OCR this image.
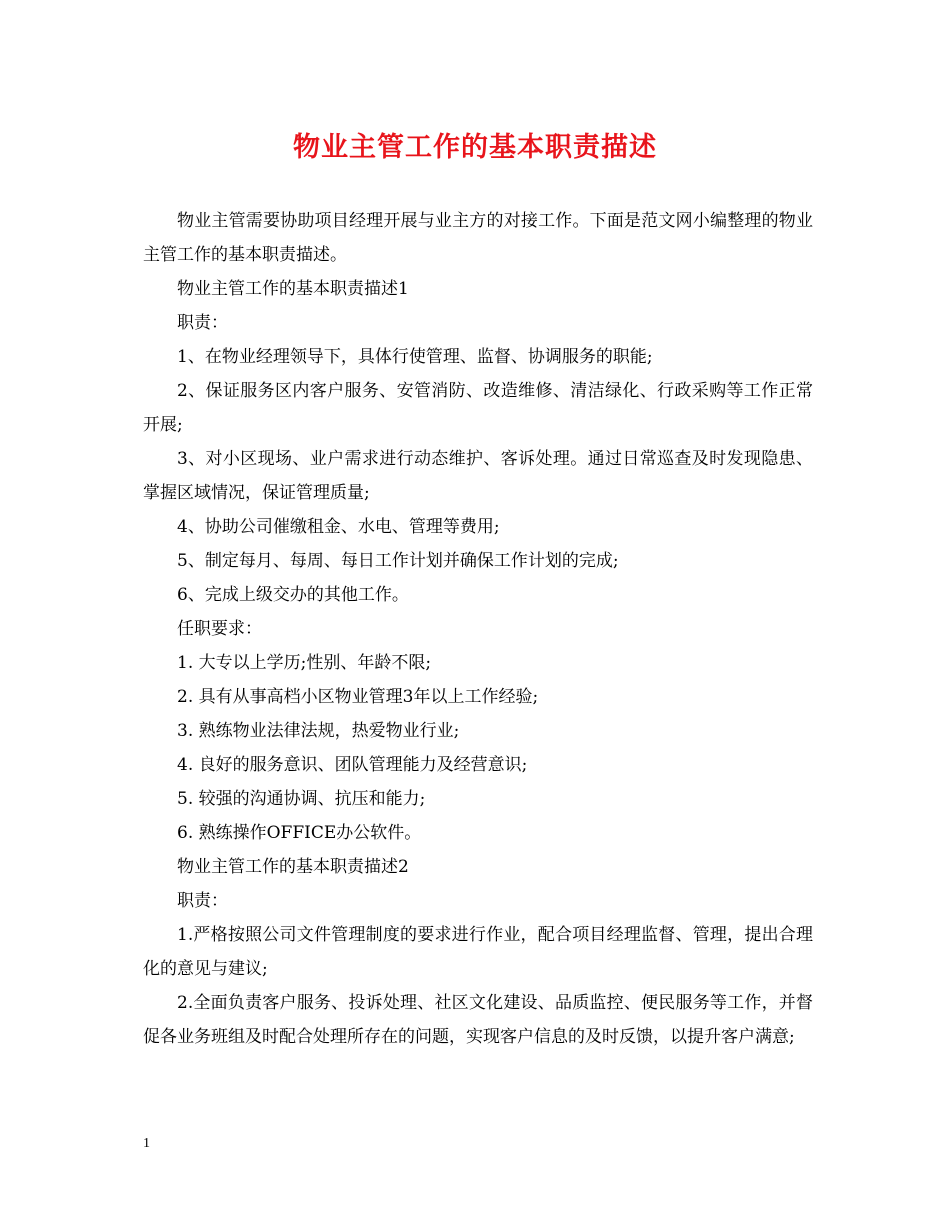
物业主管工作的基本职责描述

物业主管需要协助项目经理开展与业主方的对接工作。下面是范文网小编整理的物业主管工作的基本职责描述。

物业主管工作的基本职责描述1

职责：

1、在物业经理领导下，具体行使管理、监督、协调服务的职能;

2、保证服务区内客户服务、安管消防、改造维修、清洁绿化、行政采购等工作正常开展;

3、对小区现场、业户需求进行动态维护、客诉处理。通过日常巡查及时发现隐患、掌握区域情况，保证管理质量;

4、协助公司催缴租金、水电、管理等费用;

5、制定每月、每周、每日工作计划并确保工作计划的完成;

6、完成上级交办的其他工作。

任职要求：

1. 大专以上学历;性别、年龄不限;

2. 具有从事高档小区物业管理3年以上工作经验;

3. 熟练物业法律法规，热爱物业行业;

4. 良好的服务意识、团队管理能力及经营意识;

5. 较强的沟通协调、抗压和能力;

6. 熟练操作OFFICE办公软件。

物业主管工作的基本职责描述2

职责：

1.严格按照公司文件管理制度的要求进行作业，配合项目经理监督、管理，提出合理化的意见与建议;

2.全面负责客户服务、投诉处理、社区文化建设、品质监控、便民服务等工作，并督促各业务班组及时配合处理所存在的问题，实现客户信息的及时反馈，以提升客户满意;

1
